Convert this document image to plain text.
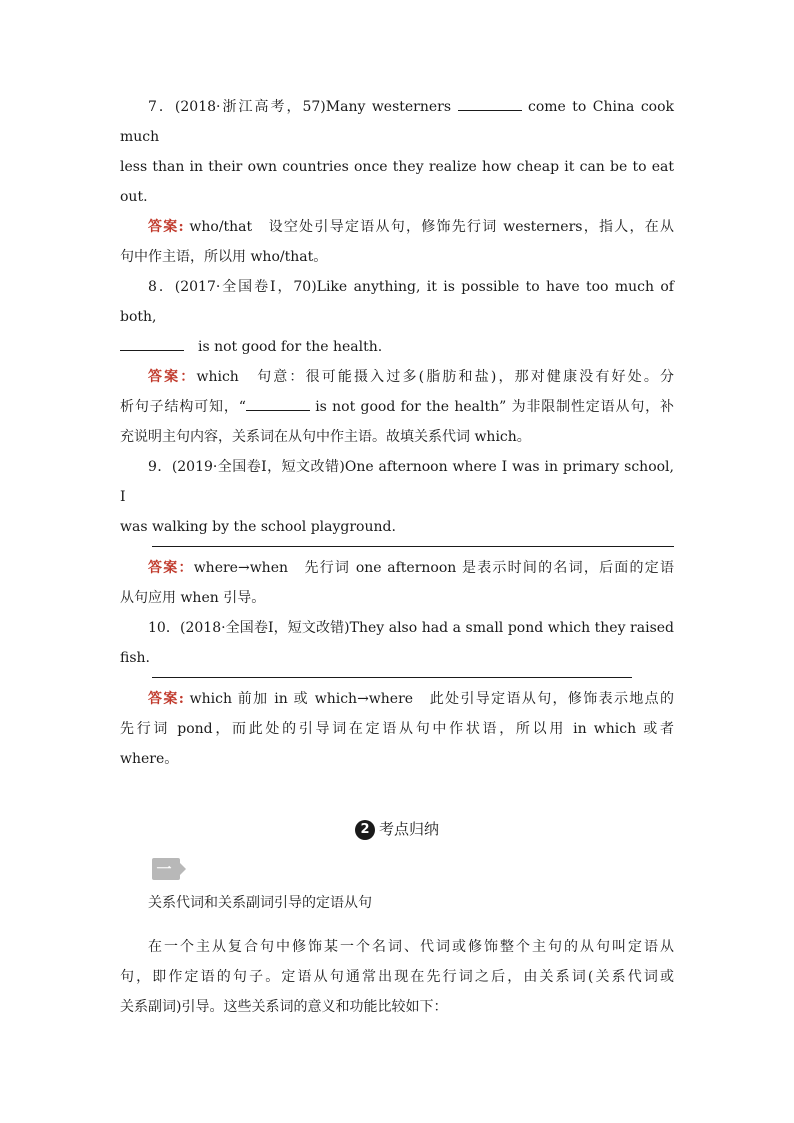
7．(2018·浙江高考，57)Many westerners	come to China cook much

less than in their own countries once they realize how cheap it can be to eat out.

答案: who/that　设空处引导定语从句，修饰先行词 westerners，指人，在从

句中作主语，所以用 who/that。

8．(2017·全国卷Ⅰ，70)Like anything, it is possible to have too much of both,

　is not good for the health.

答案：which　句意：很可能摄入过多(脂肪和盐)，那对健康没有好处。分

析句子结构可知，“	is not good for the health” 为非限制性定语从句，补

充说明主句内容，关系词在从句中作主语。故填关系代词 which。

9．(2019·全国卷Ⅰ，短文改错)One afternoon where I was in primary school, I

was walking by the school playground.

答案：where→when　先行词 one afternoon 是表示时间的名词，后面的定语

从句应用 when 引导。

10．(2018·全国卷Ⅰ，短文改错)They also had a small pond which they raised

fish.

答案: which 前加 in 或 which→where　此处引导定语从句，修饰表示地点的

先行词 pond，而此处的引导词在定语从句中作状语，所以用 in which 或者

where。

2 考点归纳
一

关系代词和关系副词引导的定语从句

在一个主从复合句中修饰某一个名词、代词或修饰整个主句的从句叫定语从

句，即作定语的句子。定语从句通常出现在先行词之后，由关系词(关系代词或

关系副词)引导。这些关系词的意义和功能比较如下：
